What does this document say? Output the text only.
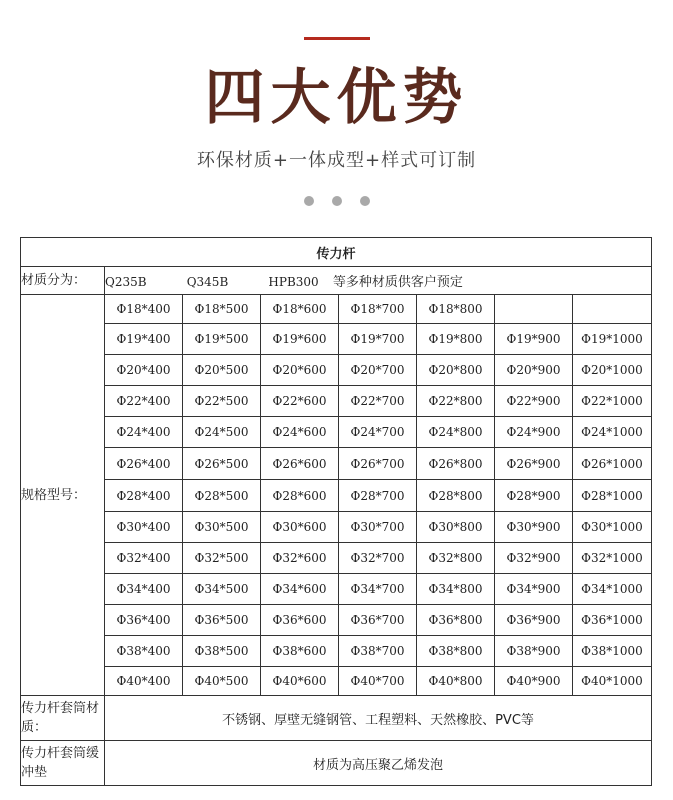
四大优势
环保材质+一体成型+样式可订制

传力杆							
材质分为：	Q235B Q345B HPB300 等多种材质供客户预定						
规格型号：	Φ18*400	Φ18*500	Φ18*600	Φ18*700	Φ18*800		
	Φ19*400	Φ19*500	Φ19*600	Φ19*700	Φ19*800	Φ19*900	Φ19*1000
	Φ20*400	Φ20*500	Φ20*600	Φ20*700	Φ20*800	Φ20*900	Φ20*1000
	Φ22*400	Φ22*500	Φ22*600	Φ22*700	Φ22*800	Φ22*900	Φ22*1000
	Φ24*400	Φ24*500	Φ24*600	Φ24*700	Φ24*800	Φ24*900	Φ24*1000
	Φ26*400	Φ26*500	Φ26*600	Φ26*700	Φ26*800	Φ26*900	Φ26*1000
	Φ28*400	Φ28*500	Φ28*600	Φ28*700	Φ28*800	Φ28*900	Φ28*1000
	Φ30*400	Φ30*500	Φ30*600	Φ30*700	Φ30*800	Φ30*900	Φ30*1000
	Φ32*400	Φ32*500	Φ32*600	Φ32*700	Φ32*800	Φ32*900	Φ32*1000
	Φ34*400	Φ34*500	Φ34*600	Φ34*700	Φ34*800	Φ34*900	Φ34*1000
	Φ36*400	Φ36*500	Φ36*600	Φ36*700	Φ36*800	Φ36*900	Φ36*1000
	Φ38*400	Φ38*500	Φ38*600	Φ38*700	Φ38*800	Φ38*900	Φ38*1000
	Φ40*400	Φ40*500	Φ40*600	Φ40*700	Φ40*800	Φ40*900	Φ40*1000
传力杆套筒材质：	不锈钢、厚壁无缝钢管、工程塑料、天然橡胶、PVC等						
传力杆套筒缓冲垫	材质为高压聚乙烯发泡						
